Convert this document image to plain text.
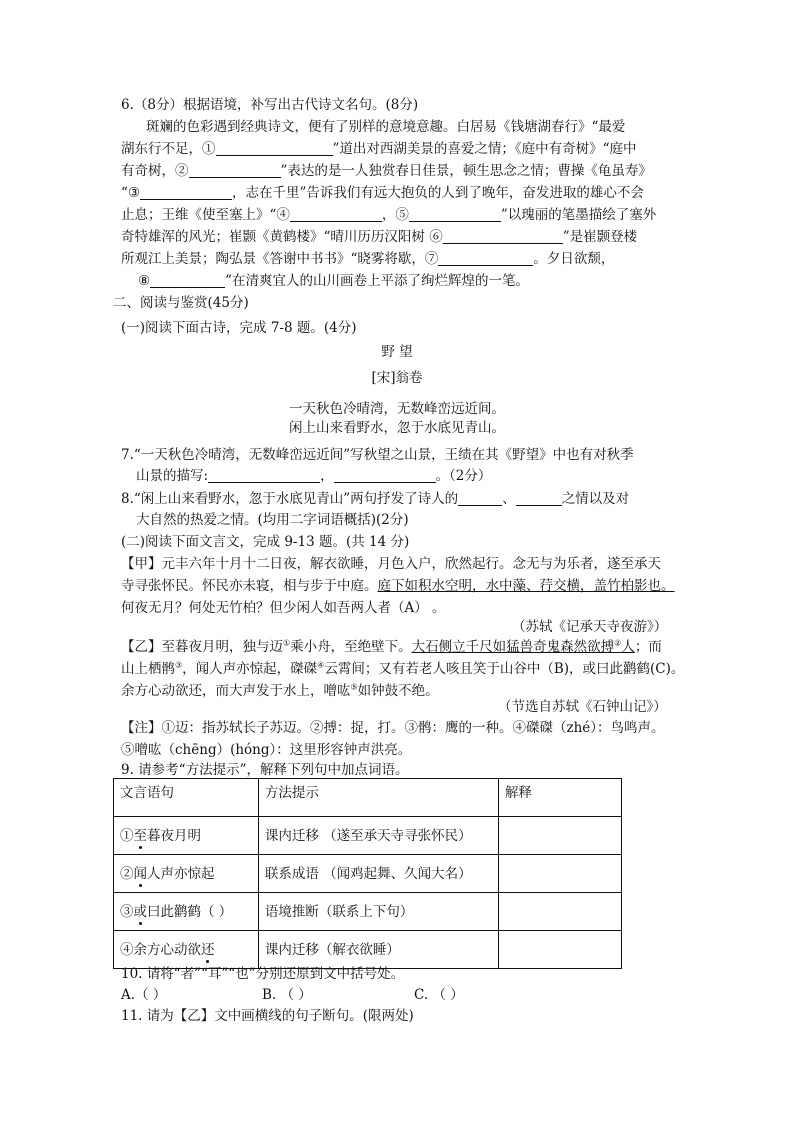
6.（8分）根据语境，补写出古代诗文名句。(8分)
斑斓的色彩遇到经典诗文，便有了别样的意境意趣。白居易《钱塘湖春行》“最爱
湖东行不足，①	”道出对西湖美景的喜爱之情；《庭中有奇树》“庭中
有奇树，②	”表达的是一人独赏春日佳景，顿生思念之情；曹操《龟虽寿》
“③	，志在千里”告诉我们有远大抱负的人到了晚年，奋发进取的雄心不会
止息；王维《使至塞上》“④	，⑤	”以瑰丽的笔墨描绘了塞外
奇特雄浑的风光；崔颢《黄鹤楼》“晴川历历汉阳树 ⑥	”是崔颢登楼
所观江上美景；陶弘景《答谢中书书》“晓雾将歇，⑦	。夕日欲颓，
⑧	”在清爽宜人的山川画卷上平添了绚烂辉煌的一笔。
二、阅读与鉴赏(45分)
(一)阅读下面古诗，完成 7-8 题。(4分)
野 望
[宋]翁卷
一天秋色冷晴湾，无数峰峦远近间。
闲上山来看野水，忽于水底见青山。
7.“一天秋色冷晴湾，无数峰峦远近间”写秋望之山景，王绩在其《野望》中也有对秋季
山景的描写:	，	。（2分）
8.“闲上山来看野水，忽于水底见青山”两句抒发了诗人的	、	之情以及对
大自然的热爱之情。(均用二字词语概括)(2分)
(二)阅读下面文言文，完成 9-13 题。(共 14 分)
【甲】元丰六年十月十二日夜，解衣欲睡，月色入户，欣然起行。念无与为乐者，遂至承天
寺寻张怀民。怀民亦未寝，相与步于中庭。庭下如积水空明，水中藻、荇交横，盖竹柏影也。
何夜无月？何处无竹柏？但少闲人如吾两人者（A） 。
（苏轼《记承天寺夜游》）
【乙】至暮夜月明，独与迈①乘小舟，至绝壁下。大石侧立千尺如猛兽奇鬼森然欲搏②人；而
山上栖鹘③，闻人声亦惊起，磔磔④云霄间；又有若老人咳且笑于山谷中（B)，或曰此鹳鹤(C)。
余方心动欲还，而大声发于水上，噌吰⑤如钟鼓不绝。
（节选自苏轼《石钟山记》）
【注】①迈：指苏轼长子苏迈。②搏：捉，打。③鹘：鹰的一种。④磔磔（zhé）：鸟鸣声。
⑤噌吰（chēng）(hóng）：这里形容钟声洪亮。
9. 请参考“方法提示”，解释下列句中加点词语。
文言语句	方法提示	解释
①至暮夜月明	课内迁移 （遂至承天寺寻张怀民）	
②闻人声亦惊起	联系成语 （闻鸡起舞、久闻大名）	
③或曰此鹳鹤（ ）	语境推断（联系上下句）	
④余方心动欲还	课内迁移（解衣欲睡）	
10. 请将“者”“耳”“也”分别还原到文中括号处。
A.（ ）	B. （ ）	C. （ ）
11. 请为【乙】文中画横线的句子断句。(限两处)
